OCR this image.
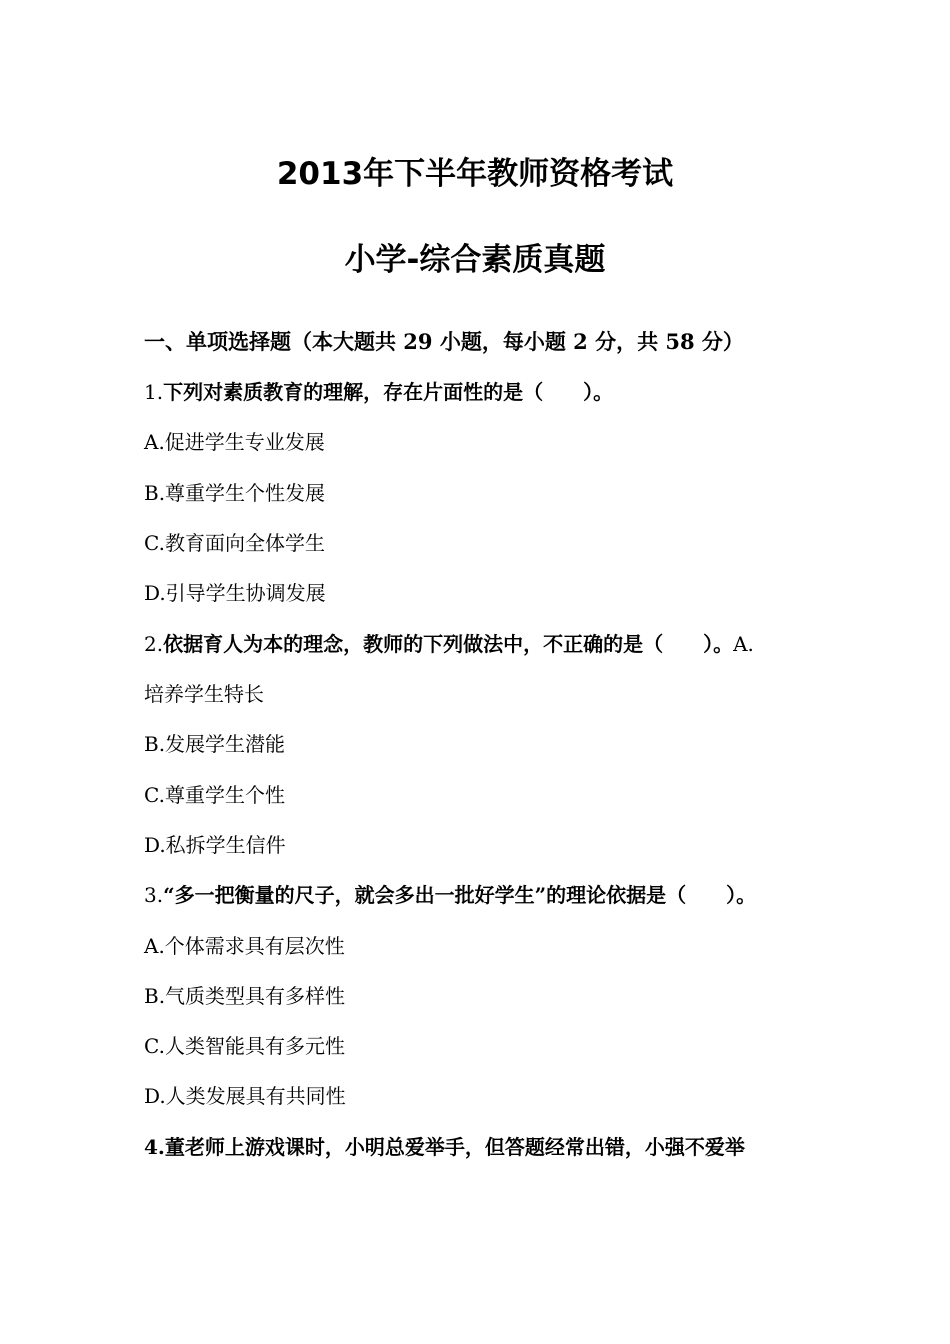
2013年下半年教师资格考试
小学-综合素质真题
一、单项选择题（本大题共 29 小题，每小题 2 分，共 58 分）
1.下列对素质教育的理解，存在片面性的是（　　）。
A.促进学生专业发展
B.尊重学生个性发展
C.教育面向全体学生
D.引导学生协调发展
2.依据育人为本的理念，教师的下列做法中，不正确的是（　　）。A.
培养学生特长
B.发展学生潜能
C.尊重学生个性
D.私拆学生信件
3.“多一把衡量的尺子，就会多出一批好学生”的理论依据是（　　）。
A.个体需求具有层次性
B.气质类型具有多样性
C.人类智能具有多元性
D.人类发展具有共同性
4.董老师上游戏课时，小明总爱举手，但答题经常出错，小强不爱举
